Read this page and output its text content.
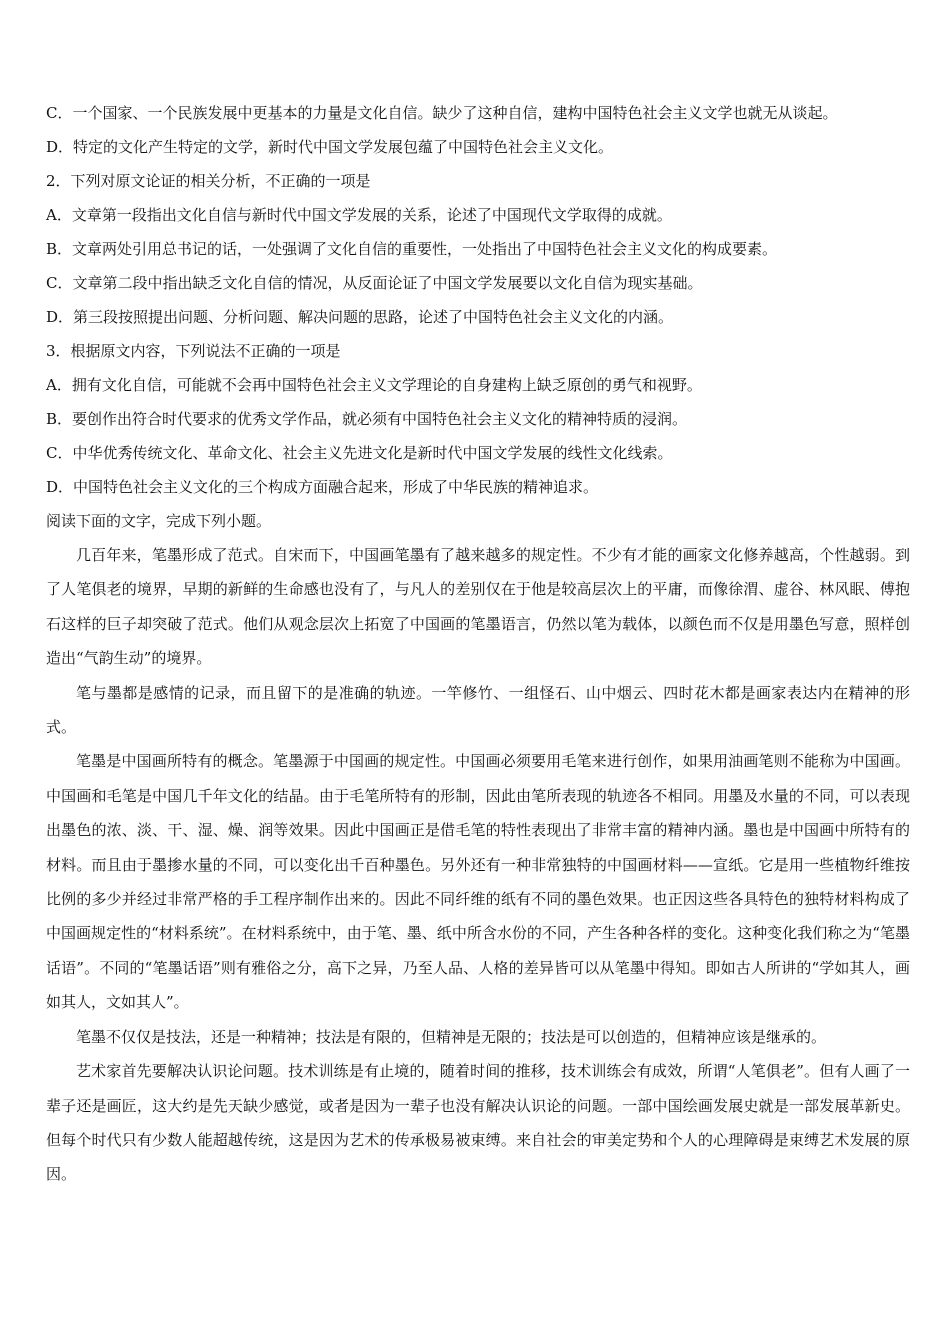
C．一个国家、一个民族发展中更基本的力量是文化自信。缺少了这种自信，建构中国特色社会主义文学也就无从谈起。

D．特定的文化产生特定的文学，新时代中国文学发展包蕴了中国特色社会主义文化。

2．下列对原文论证的相关分析，不正确的一项是

A．文章第一段指出文化自信与新时代中国文学发展的关系，论述了中国现代文学取得的成就。

B．文章两处引用总书记的话，一处强调了文化自信的重要性，一处指出了中国特色社会主义文化的构成要素。

C．文章第二段中指出缺乏文化自信的情况，从反面论证了中国文学发展要以文化自信为现实基础。

D．第三段按照提出问题、分析问题、解决问题的思路，论述了中国特色社会主义文化的内涵。

3．根据原文内容，下列说法不正确的一项是

A．拥有文化自信，可能就不会再中国特色社会主义文学理论的自身建构上缺乏原创的勇气和视野。

B．要创作出符合时代要求的优秀文学作品，就必须有中国特色社会主义文化的精神特质的浸润。

C．中华优秀传统文化、革命文化、社会主义先进文化是新时代中国文学发展的线性文化线索。

D．中国特色社会主义文化的三个构成方面融合起来，形成了中华民族的精神追求。

阅读下面的文字，完成下列小题。

几百年来，笔墨形成了范式。自宋而下，中国画笔墨有了越来越多的规定性。不少有才能的画家文化修养越高，个性越弱。到了人笔俱老的境界，早期的新鲜的生命感也没有了，与凡人的差别仅在于他是较高层次上的平庸，而像徐渭、虚谷、林风眠、傅抱石这样的巨子却突破了范式。他们从观念层次上拓宽了中国画的笔墨语言，仍然以笔为载体，以颜色而不仅是用墨色写意，照样创造出“气韵生动”的境界。

笔与墨都是感情的记录，而且留下的是准确的轨迹。一竿修竹、一组怪石、山中烟云、四时花木都是画家表达内在精神的形式。

笔墨是中国画所特有的概念。笔墨源于中国画的规定性。中国画必须要用毛笔来进行创作，如果用油画笔则不能称为中国画。中国画和毛笔是中国几千年文化的结晶。由于毛笔所特有的形制，因此由笔所表现的轨迹各不相同。用墨及水量的不同，可以表现出墨色的浓、淡、干、湿、燥、润等效果。因此中国画正是借毛笔的特性表现出了非常丰富的精神内涵。墨也是中国画中所特有的材料。而且由于墨掺水量的不同，可以变化出千百种墨色。另外还有一种非常独特的中国画材料——宣纸。它是用一些植物纤维按比例的多少并经过非常严格的手工程序制作出来的。因此不同纤维的纸有不同的墨色效果。也正因这些各具特色的独特材料构成了中国画规定性的“材料系统”。在材料系统中，由于笔、墨、纸中所含水份的不同，产生各种各样的变化。这种变化我们称之为“笔墨话语”。不同的“笔墨话语”则有雅俗之分，高下之异，乃至人品、人格的差异皆可以从笔墨中得知。即如古人所讲的“学如其人，画如其人，文如其人”。

笔墨不仅仅是技法，还是一种精神；技法是有限的，但精神是无限的；技法是可以创造的，但精神应该是继承的。

艺术家首先要解决认识论问题。技术训练是有止境的，随着时间的推移，技术训练会有成效，所谓“人笔俱老”。但有人画了一辈子还是画匠，这大约是先天缺少感觉，或者是因为一辈子也没有解决认识论的问题。一部中国绘画发展史就是一部发展革新史。但每个时代只有少数人能超越传统，这是因为艺术的传承极易被束缚。来自社会的审美定势和个人的心理障碍是束缚艺术发展的原因。
